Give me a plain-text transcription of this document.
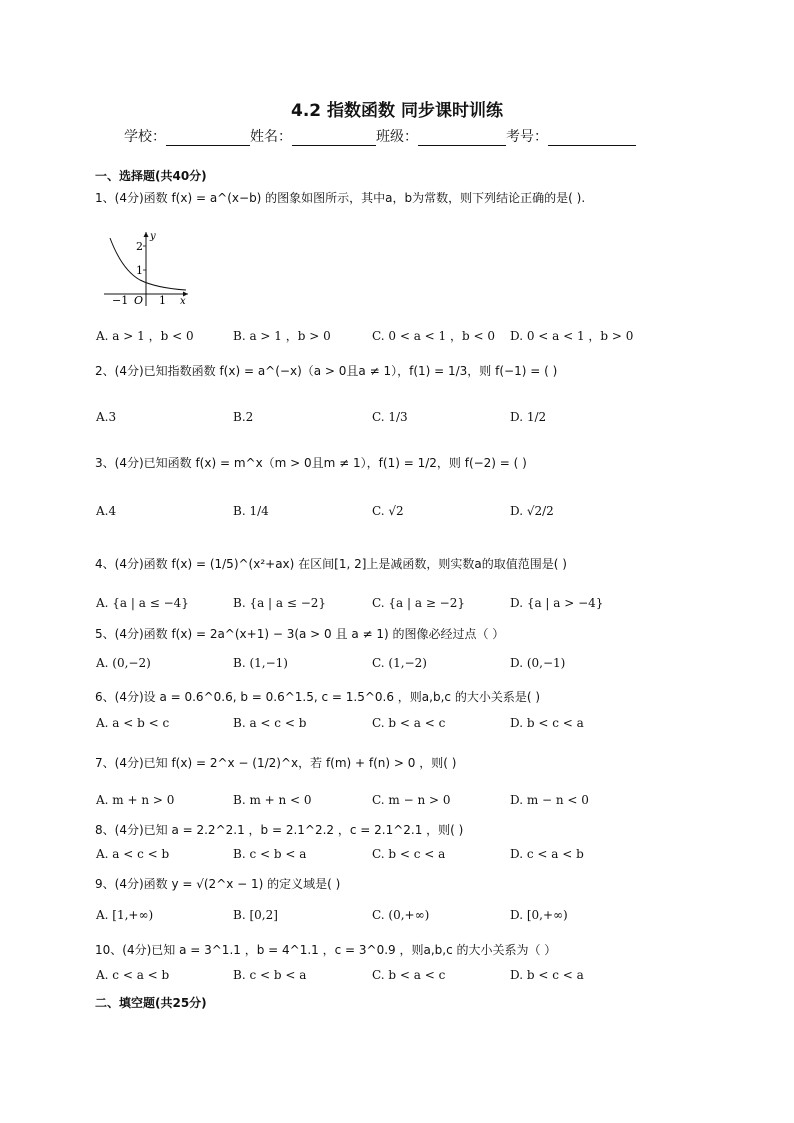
4.2 指数函数 同步课时训练
学校：	姓名：	班级：	考号：
一、选择题(共40分)
1、(4分)函数 f(x) = a^(x−b) 的图象如图所示，其中a，b为常数，则下列结论正确的是( ).
y
x
2
1
−1 O 1
A. a > 1 ，b < 0	B. a > 1 ，b > 0	C. 0 < a < 1 ，b < 0 D. 0 < a < 1 ，b > 0
2、(4分)已知指数函数 f(x) = a^(−x)（a > 0且a ≠ 1），f(1) = 1/3，则 f(−1) = ( )
A.3	B.2	C. 1/3	D. 1/2
3、(4分)已知函数 f(x) = m^x（m > 0且m ≠ 1），f(1) = 1/2，则 f(−2) = ( )
A.4	B. 1/4	C. √2	D. √2/2
4、(4分)函数 f(x) = (1/5)^(x²+ax) 在区间[1, 2]上是减函数，则实数a的取值范围是( )
A. {a | a ≤ −4}	B. {a | a ≤ −2}	C. {a | a ≥ −2}	D. {a | a > −4}
5、(4分)函数 f(x) = 2a^(x+1) − 3(a > 0 且 a ≠ 1) 的图像必经过点（ ）
A. (0,−2)	B. (1,−1)	C. (1,−2)	D. (0,−1)
6、(4分)设 a = 0.6^0.6, b = 0.6^1.5, c = 1.5^0.6 ，则a,b,c 的大小关系是( )
A. a < b < c	B. a < c < b	C. b < a < c	D. b < c < a
7、(4分)已知 f(x) = 2^x − (1/2)^x，若 f(m) + f(n) > 0 ，则( )
A. m + n > 0	B. m + n < 0	C. m − n > 0	D. m − n < 0
8、(4分)已知 a = 2.2^2.1 ，b = 2.1^2.2 ，c = 2.1^2.1 ，则( )
A. a < c < b	B. c < b < a	C. b < c < a	D. c < a < b
9、(4分)函数 y = √(2^x − 1) 的定义域是( )
A. [1,+∞)	B. [0,2]	C. (0,+∞)	D. [0,+∞)
10、(4分)已知 a = 3^1.1 ，b = 4^1.1 ，c = 3^0.9 ，则a,b,c 的大小关系为（ ）
A. c < a < b	B. c < b < a	C. b < a < c	D. b < c < a
二、填空题(共25分)
